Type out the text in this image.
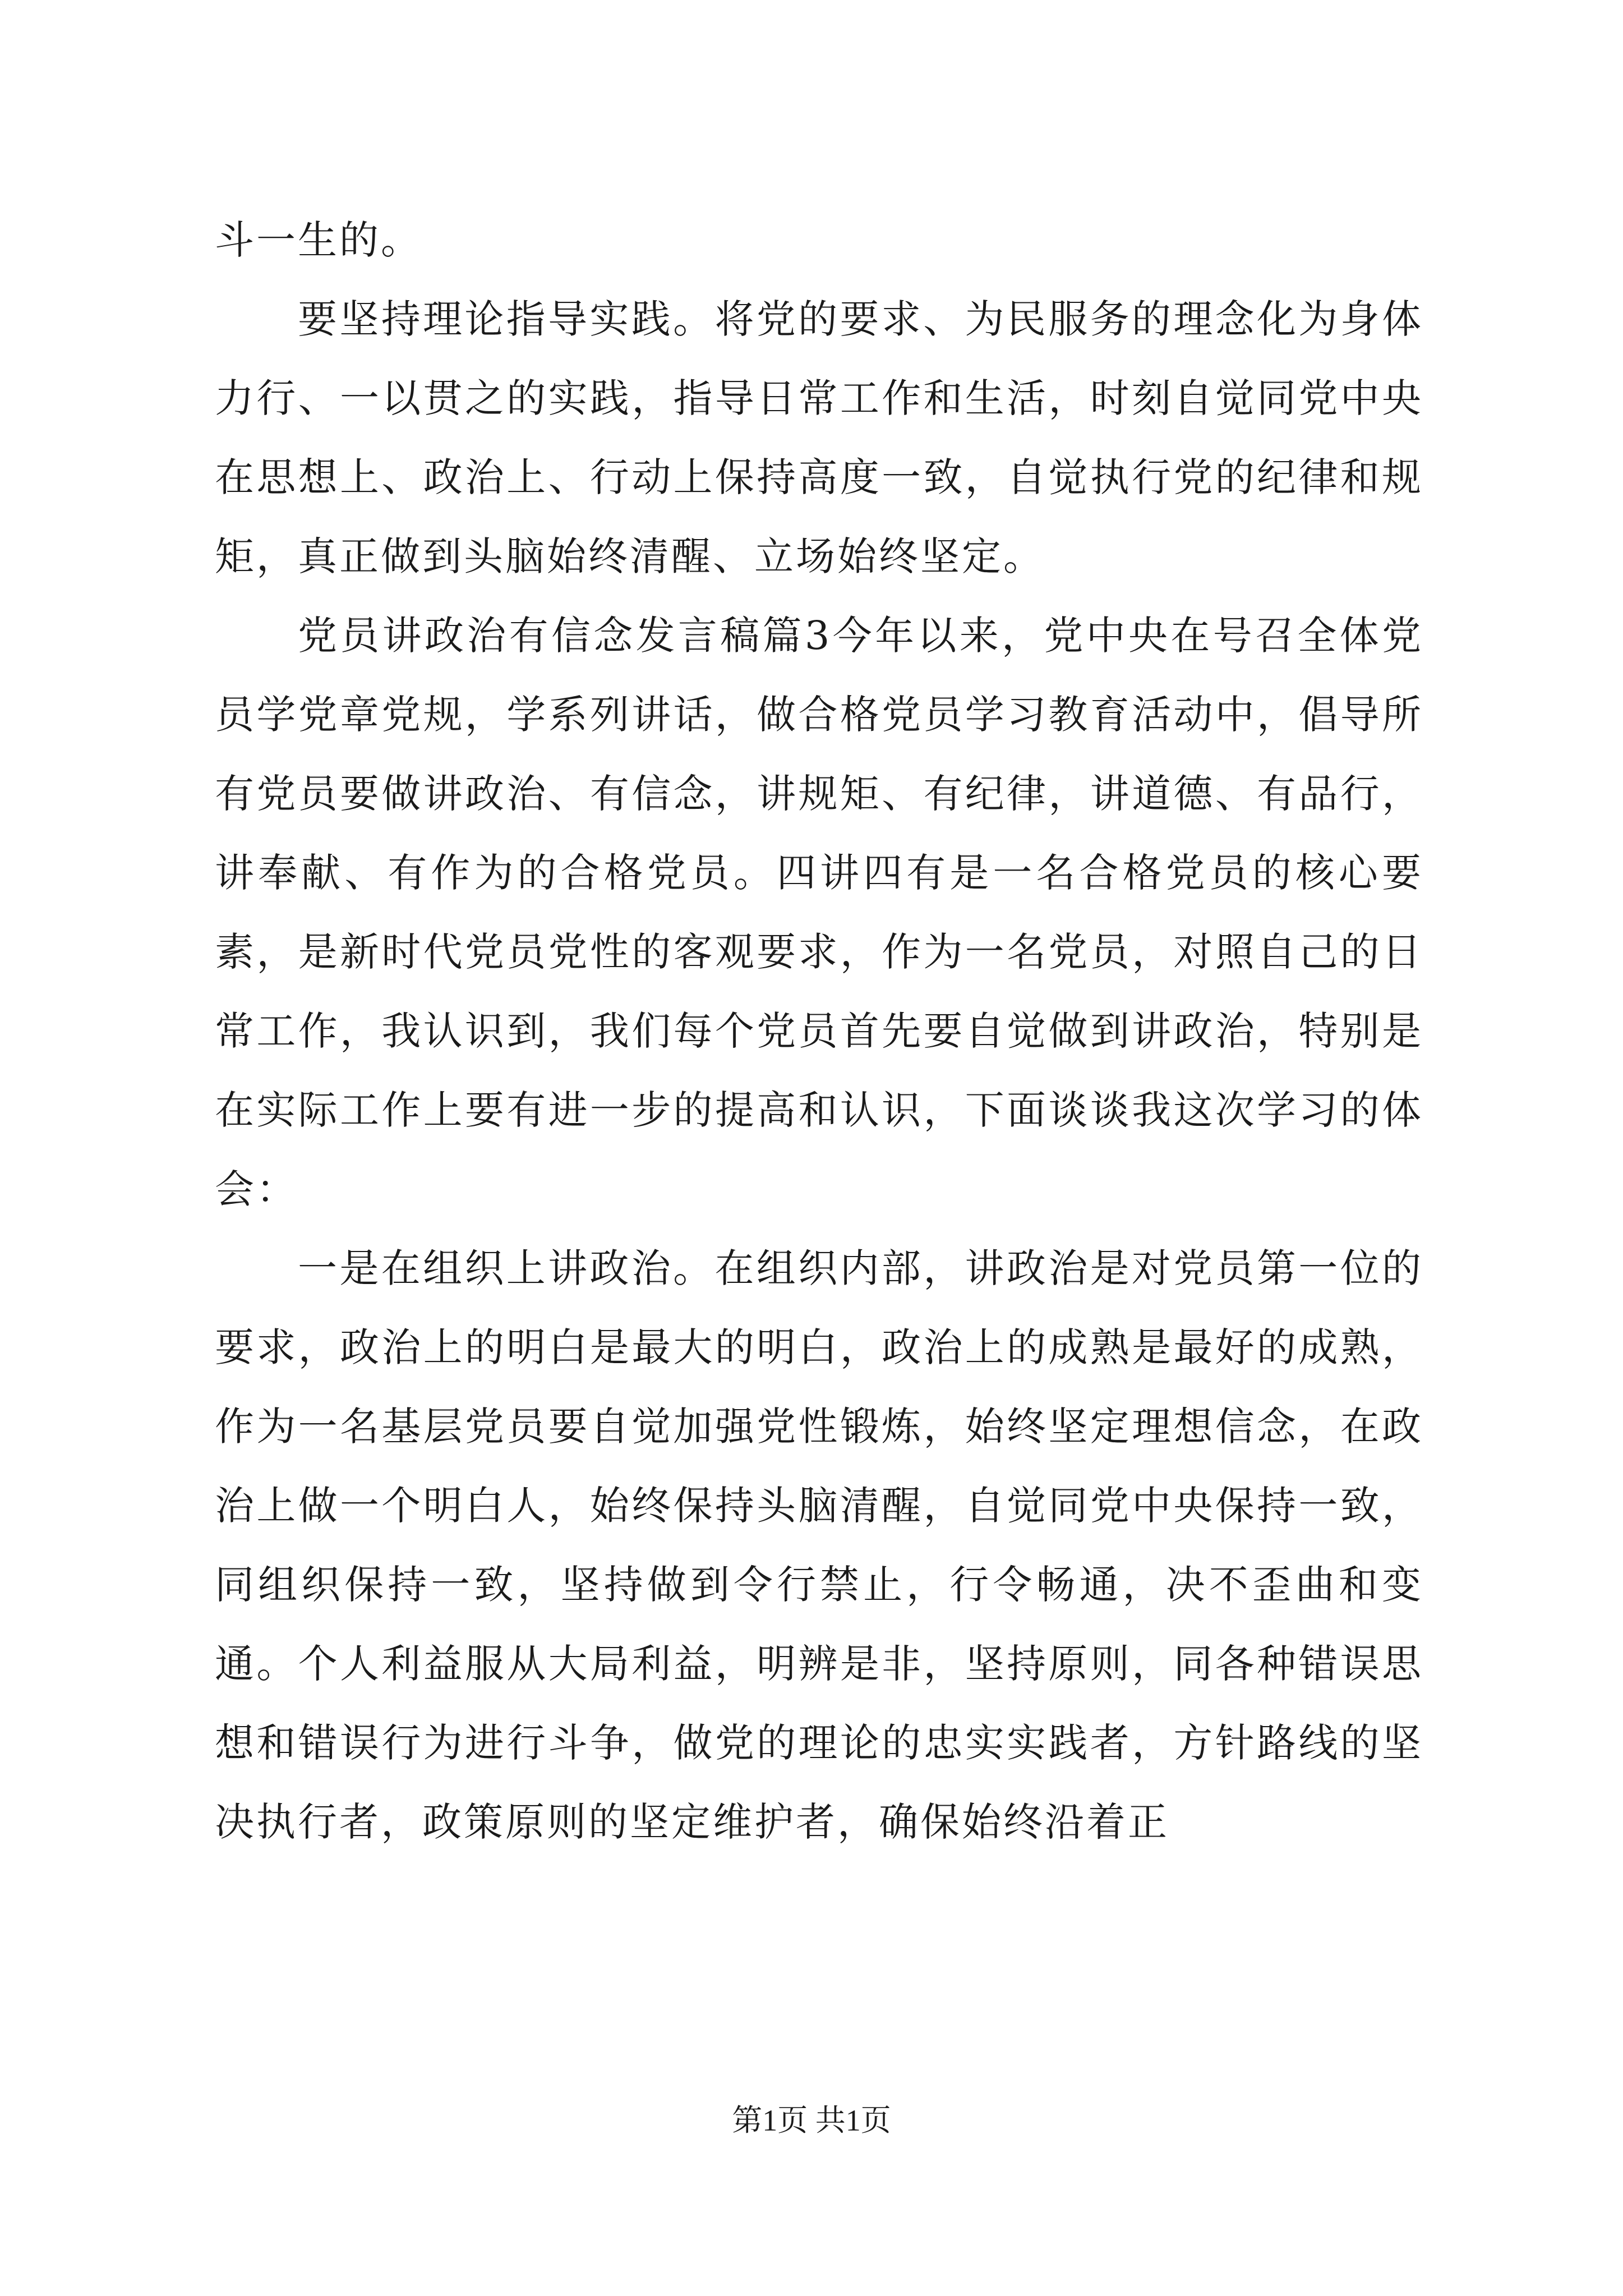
斗一生的。

要坚持理论指导实践。将党的要求、为民服务的理念化为身体力行、一以贯之的实践，指导日常工作和生活，时刻自觉同党中央在思想上、政治上、行动上保持高度一致，自觉执行党的纪律和规矩，真正做到头脑始终清醒、立场始终坚定。

党员讲政治有信念发言稿篇3今年以来，党中央在号召全体党员学党章党规，学系列讲话，做合格党员学习教育活动中，倡导所有党员要做讲政治、有信念，讲规矩、有纪律，讲道德、有品行，讲奉献、有作为的合格党员。四讲四有是一名合格党员的核心要素，是新时代党员党性的客观要求，作为一名党员，对照自己的日常工作，我认识到，我们每个党员首先要自觉做到讲政治，特别是在实际工作上要有进一步的提高和认识，下面谈谈我这次学习的体会：

一是在组织上讲政治。在组织内部，讲政治是对党员第一位的要求，政治上的明白是最大的明白，政治上的成熟是最好的成熟，作为一名基层党员要自觉加强党性锻炼，始终坚定理想信念，在政治上做一个明白人，始终保持头脑清醒，自觉同党中央保持一致，同组织保持一致，坚持做到令行禁止，行令畅通，决不歪曲和变通。个人利益服从大局利益，明辨是非，坚持原则，同各种错误思想和错误行为进行斗争，做党的理论的忠实实践者，方针路线的坚决执行者，政策原则的坚定维护者，确保始终沿着正

第1页 共1页
